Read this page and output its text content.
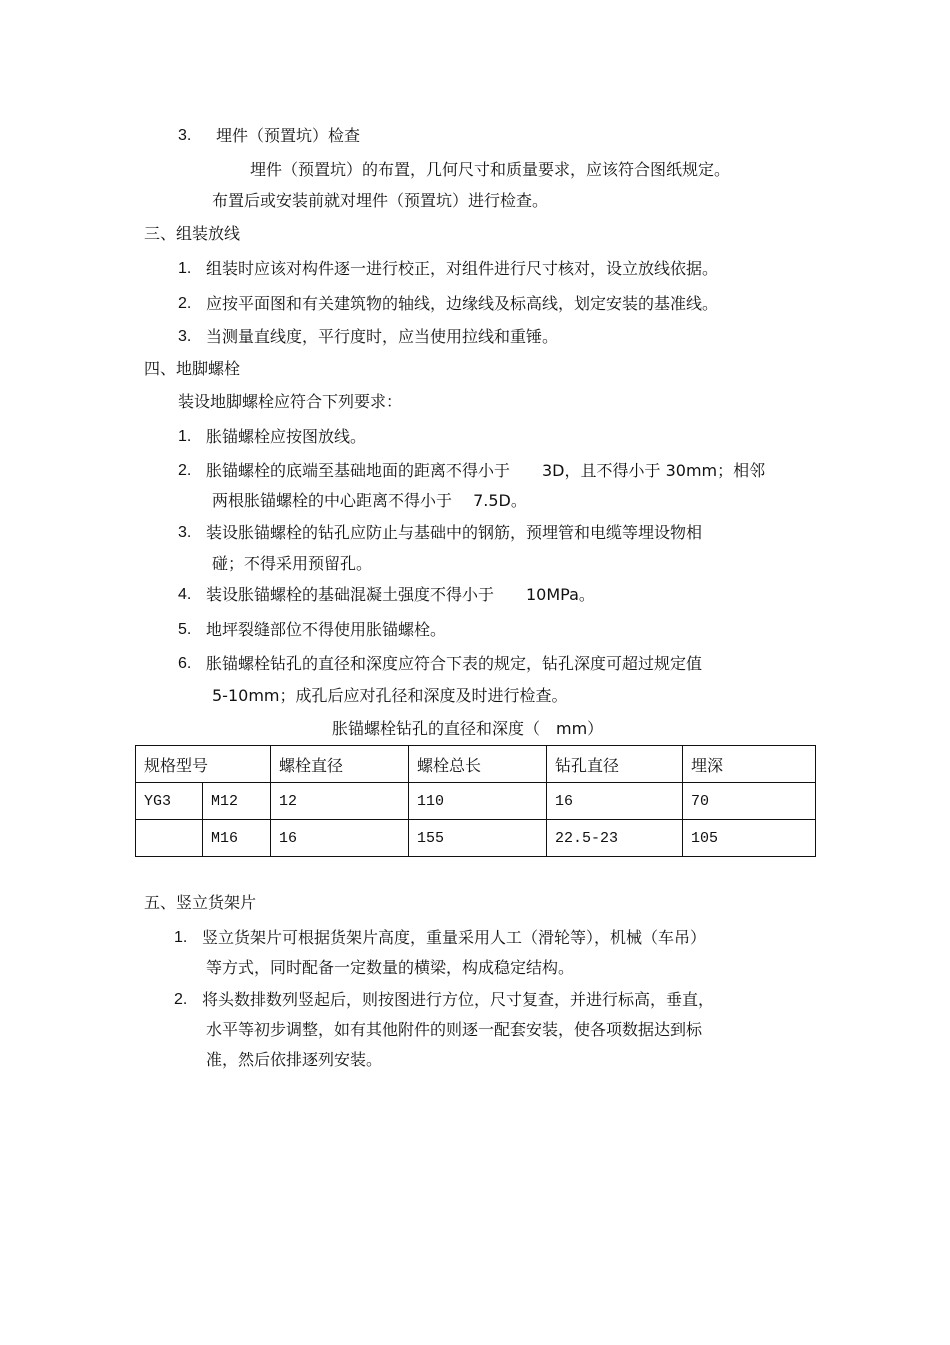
3. 埋件（预置坑）检查
埋件（预置坑）的布置，几何尺寸和质量要求，应该符合图纸规定。
布置后或安装前就对埋件（预置坑）进行检查。
三、组装放线
1. 组装时应该对构件逐一进行校正，对组件进行尺寸核对，设立放线依据。
2. 应按平面图和有关建筑物的轴线，边缘线及标高线，划定安装的基准线。
3. 当测量直线度，平行度时，应当使用拉线和重锤。
四、地脚螺栓
装设地脚螺栓应符合下列要求：
1. 胀锚螺栓应按图放线。
2. 胀锚螺栓的底端至基础地面的距离不得小于　　3D，且不得小于 30mm；相邻
两根胀锚螺栓的中心距离不得小于　 7.5D。
3. 装设胀锚螺栓的钻孔应防止与基础中的钢筋，预埋管和电缆等埋设物相
碰；不得采用预留孔。
4. 装设胀锚螺栓的基础混凝土强度不得小于　　10MPa。
5. 地坪裂缝部位不得使用胀锚螺栓。
6. 胀锚螺栓钻孔的直径和深度应符合下表的规定，钻孔深度可超过规定值
5-10mm；成孔后应对孔径和深度及时进行检查。
胀锚螺栓钻孔的直径和深度（　mm）
规格型号		螺栓直径	螺栓总长	钻孔直径	埋深
YG3	M12	12	110	16	70
	M16	16	155	22.5-23	105
五、竖立货架片
1. 竖立货架片可根据货架片高度，重量采用人工（滑轮等），机械（车吊）
等方式，同时配备一定数量的横梁，构成稳定结构。
2. 将头数排数列竖起后，则按图进行方位，尺寸复查，并进行标高，垂直，
水平等初步调整，如有其他附件的则逐一配套安装，使各项数据达到标
准，然后依排逐列安装。
